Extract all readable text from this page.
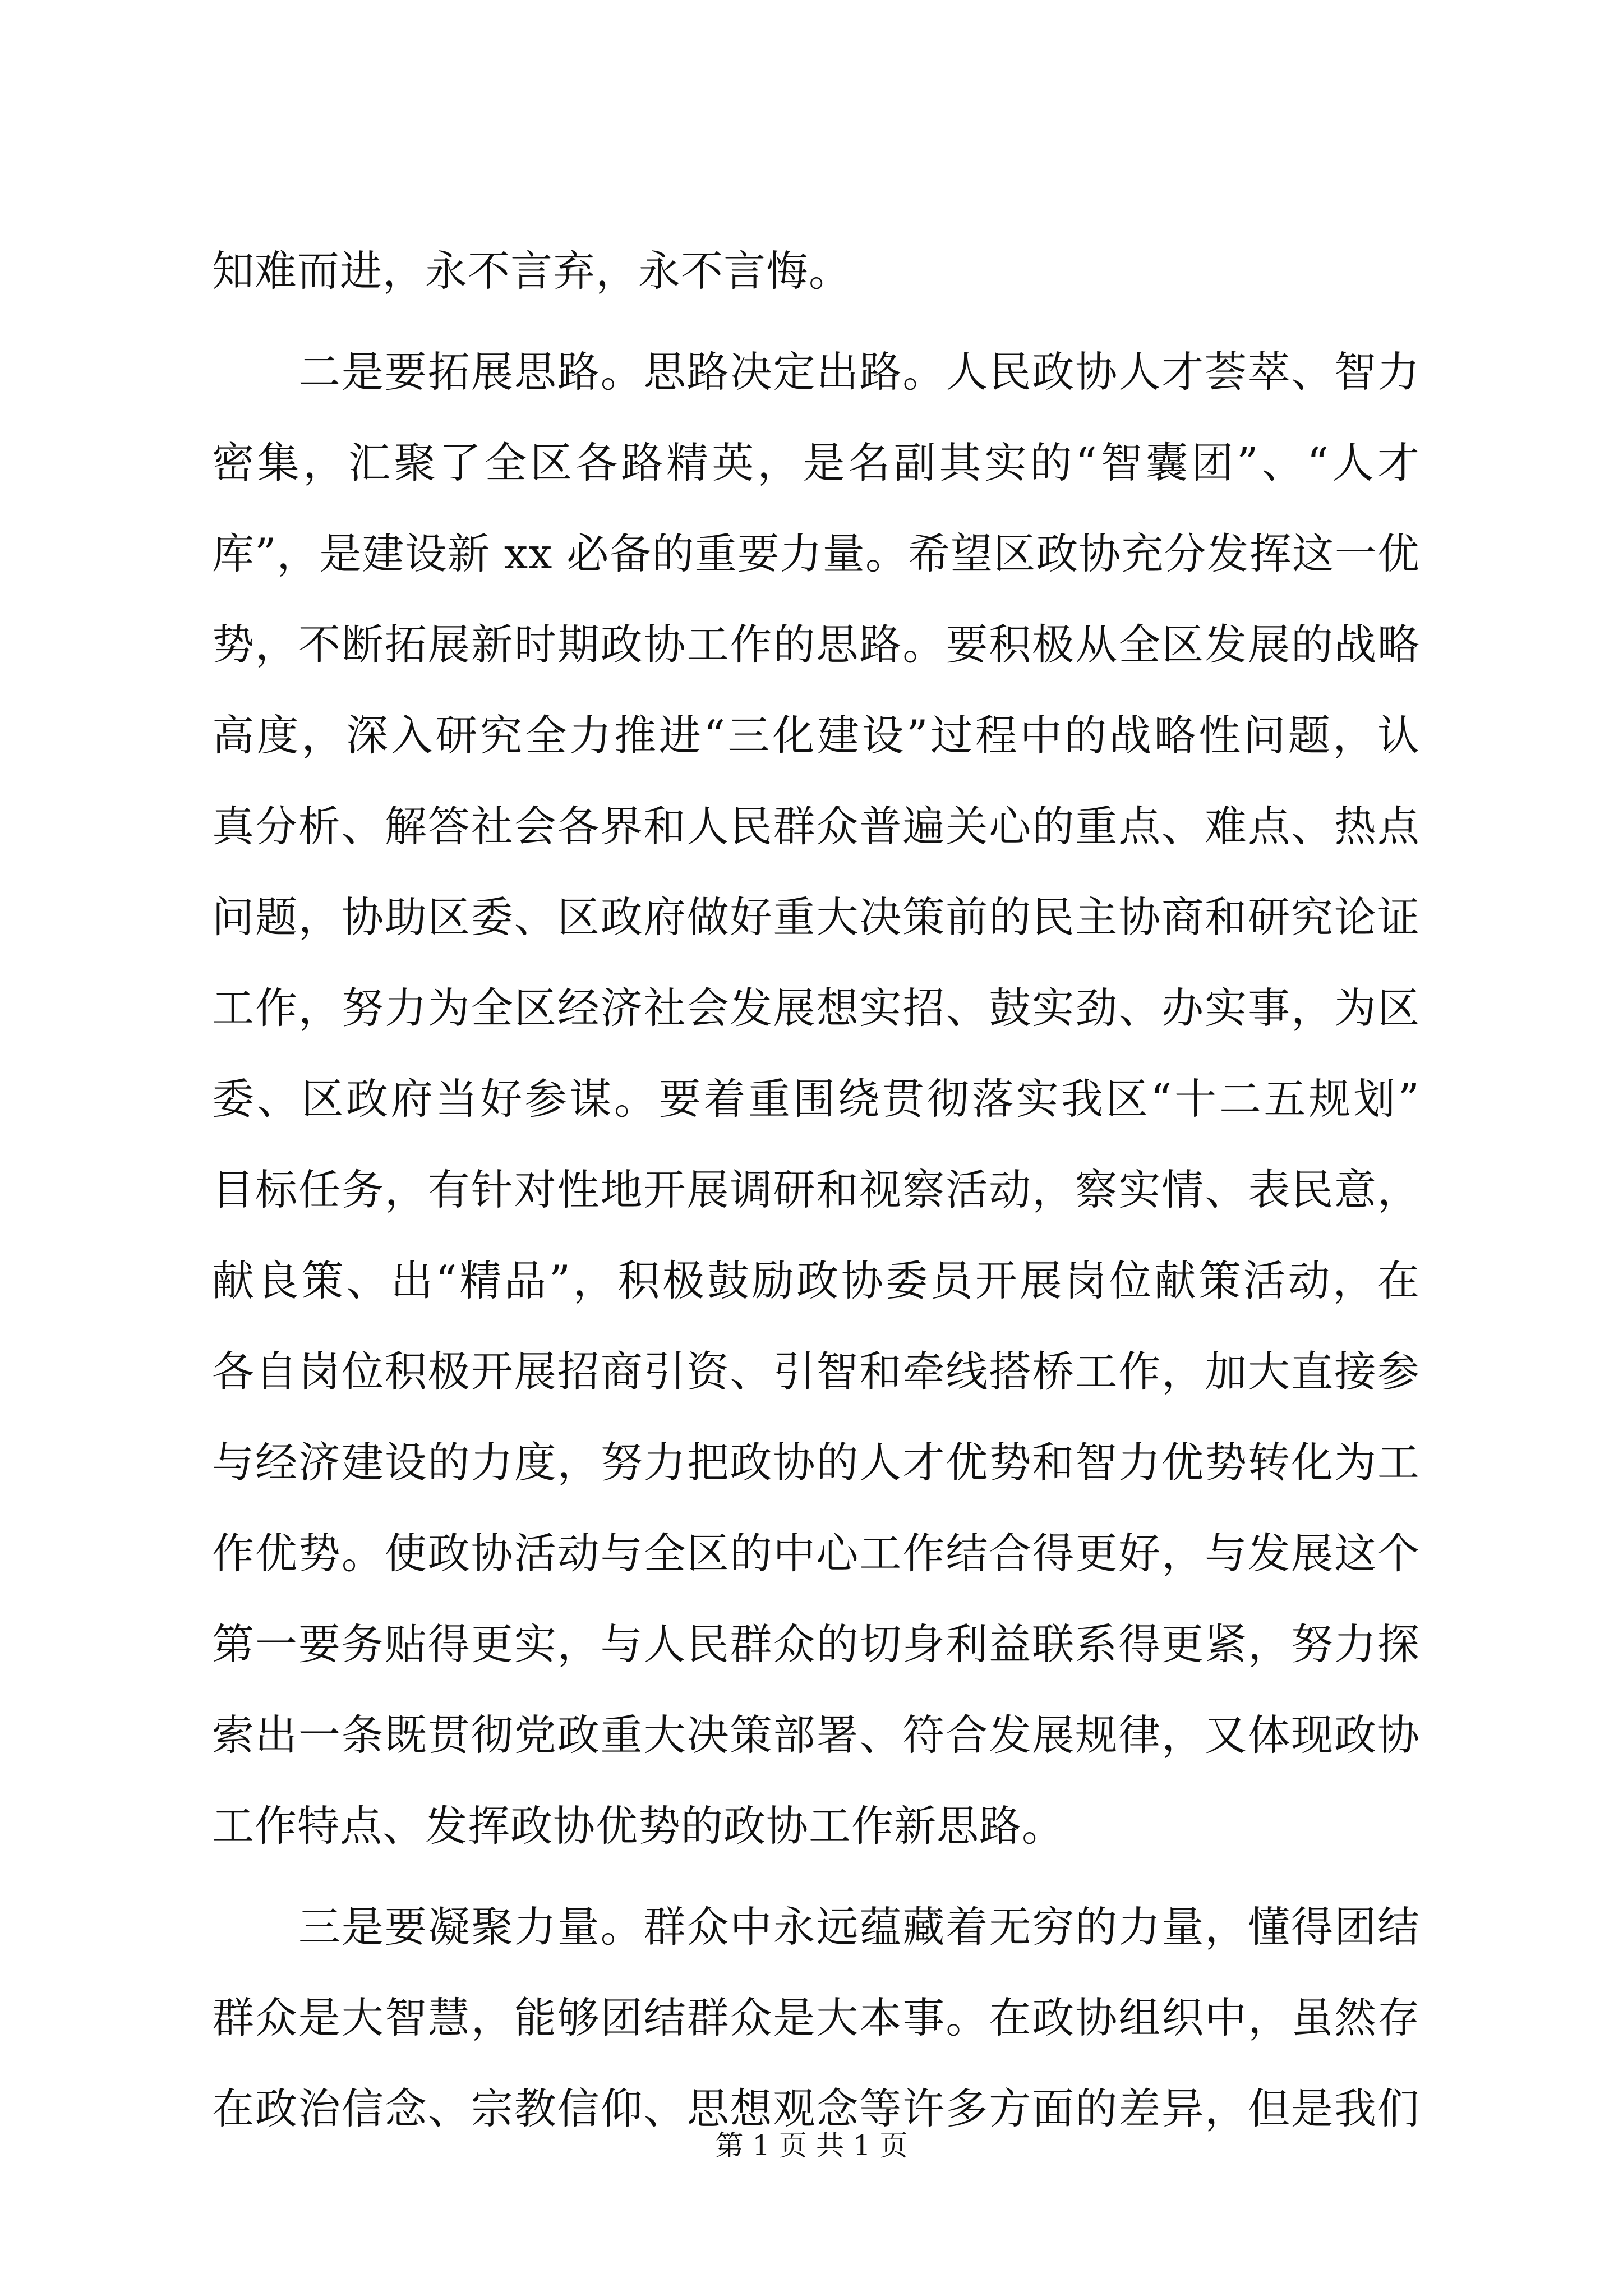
知难而进，永不言弃，永不言悔。
二是要拓展思路。思路决定出路。人民政协人才荟萃、智力
密集，汇聚了全区各路精英，是名副其实的“智囊团”、“人才
库”，是建设新 xx 必备的重要力量。希望区政协充分发挥这一优
势，不断拓展新时期政协工作的思路。要积极从全区发展的战略
高度，深入研究全力推进“三化建设”过程中的战略性问题，认
真分析、解答社会各界和人民群众普遍关心的重点、难点、热点
问题，协助区委、区政府做好重大决策前的民主协商和研究论证
工作，努力为全区经济社会发展想实招、鼓实劲、办实事，为区
委、区政府当好参谋。要着重围绕贯彻落实我区“十二五规划”
目标任务，有针对性地开展调研和视察活动，察实情、表民意，
献良策、出“精品”，积极鼓励政协委员开展岗位献策活动，在
各自岗位积极开展招商引资、引智和牵线搭桥工作，加大直接参
与经济建设的力度，努力把政协的人才优势和智力优势转化为工
作优势。使政协活动与全区的中心工作结合得更好，与发展这个
第一要务贴得更实，与人民群众的切身利益联系得更紧，努力探
索出一条既贯彻党政重大决策部署、符合发展规律，又体现政协
工作特点、发挥政协优势的政协工作新思路。
三是要凝聚力量。群众中永远蕴藏着无穷的力量，懂得团结
群众是大智慧，能够团结群众是大本事。在政协组织中，虽然存
在政治信念、宗教信仰、思想观念等许多方面的差异，但是我们
第 1 页 共 1 页
